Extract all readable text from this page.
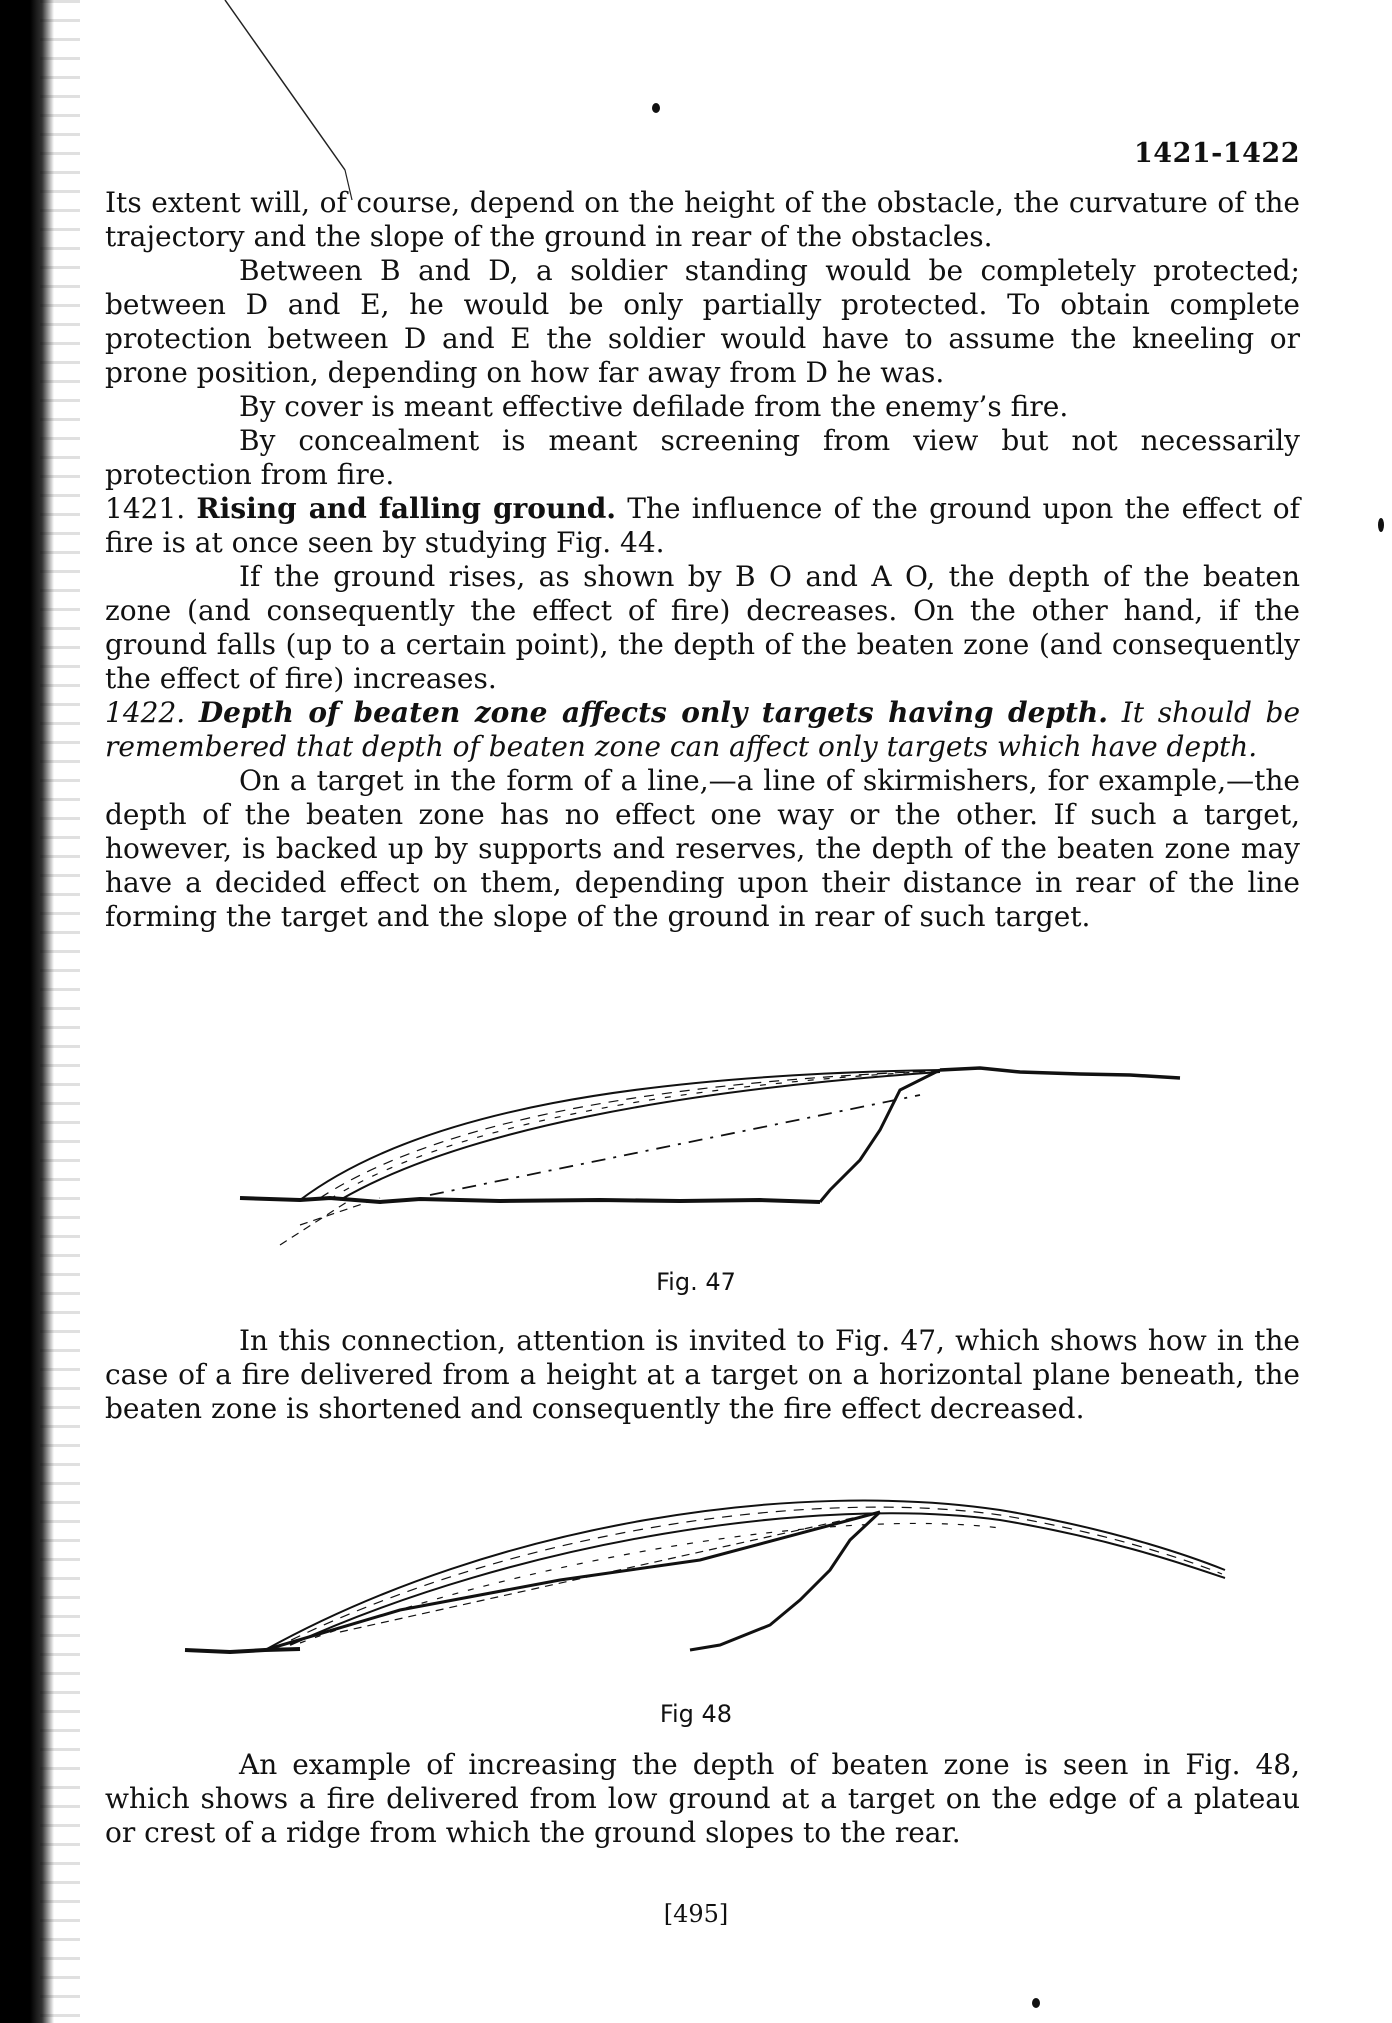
1421-1422

Its extent will, of course, depend on the height of the obstacle, the curvature of the trajectory and the slope of the ground in rear of the obstacles.

Between B and D, a soldier standing would be completely protected; between D and E, he would be only partially protected. To obtain complete protection between D and E the soldier would have to assume the kneeling or prone position, depending on how far away from D he was.

By cover is meant effective defilade from the enemy’s fire.

By concealment is meant screening from view but not necessarily protection from fire.

1421. Rising and falling ground. The influence of the ground upon the effect of fire is at once seen by studying Fig. 44.

If the ground rises, as shown by B O and A O, the depth of the beaten zone (and consequently the effect of fire) decreases. On the other hand, if the ground falls (up to a certain point), the depth of the beaten zone (and consequently the effect of fire) increases.

1422. Depth of beaten zone affects only targets having depth. It should be remembered that depth of beaten zone can affect only targets which have depth.

On a target in the form of a line,—a line of skirmishers, for example,—the depth of the beaten zone has no effect one way or the other. If such a target, however, is backed up by supports and reserves, the depth of the beaten zone may have a decided effect on them, depending upon their distance in rear of the line forming the target and the slope of the ground in rear of such target.

Fig. 47

In this connection, attention is invited to Fig. 47, which shows how in the case of a fire delivered from a height at a target on a horizontal plane beneath, the beaten zone is shortened and consequently the fire effect decreased.

Fig 48

An example of increasing the depth of beaten zone is seen in Fig. 48, which shows a fire delivered from low ground at a target on the edge of a plateau or crest of a ridge from which the ground slopes to the rear.

[495]
